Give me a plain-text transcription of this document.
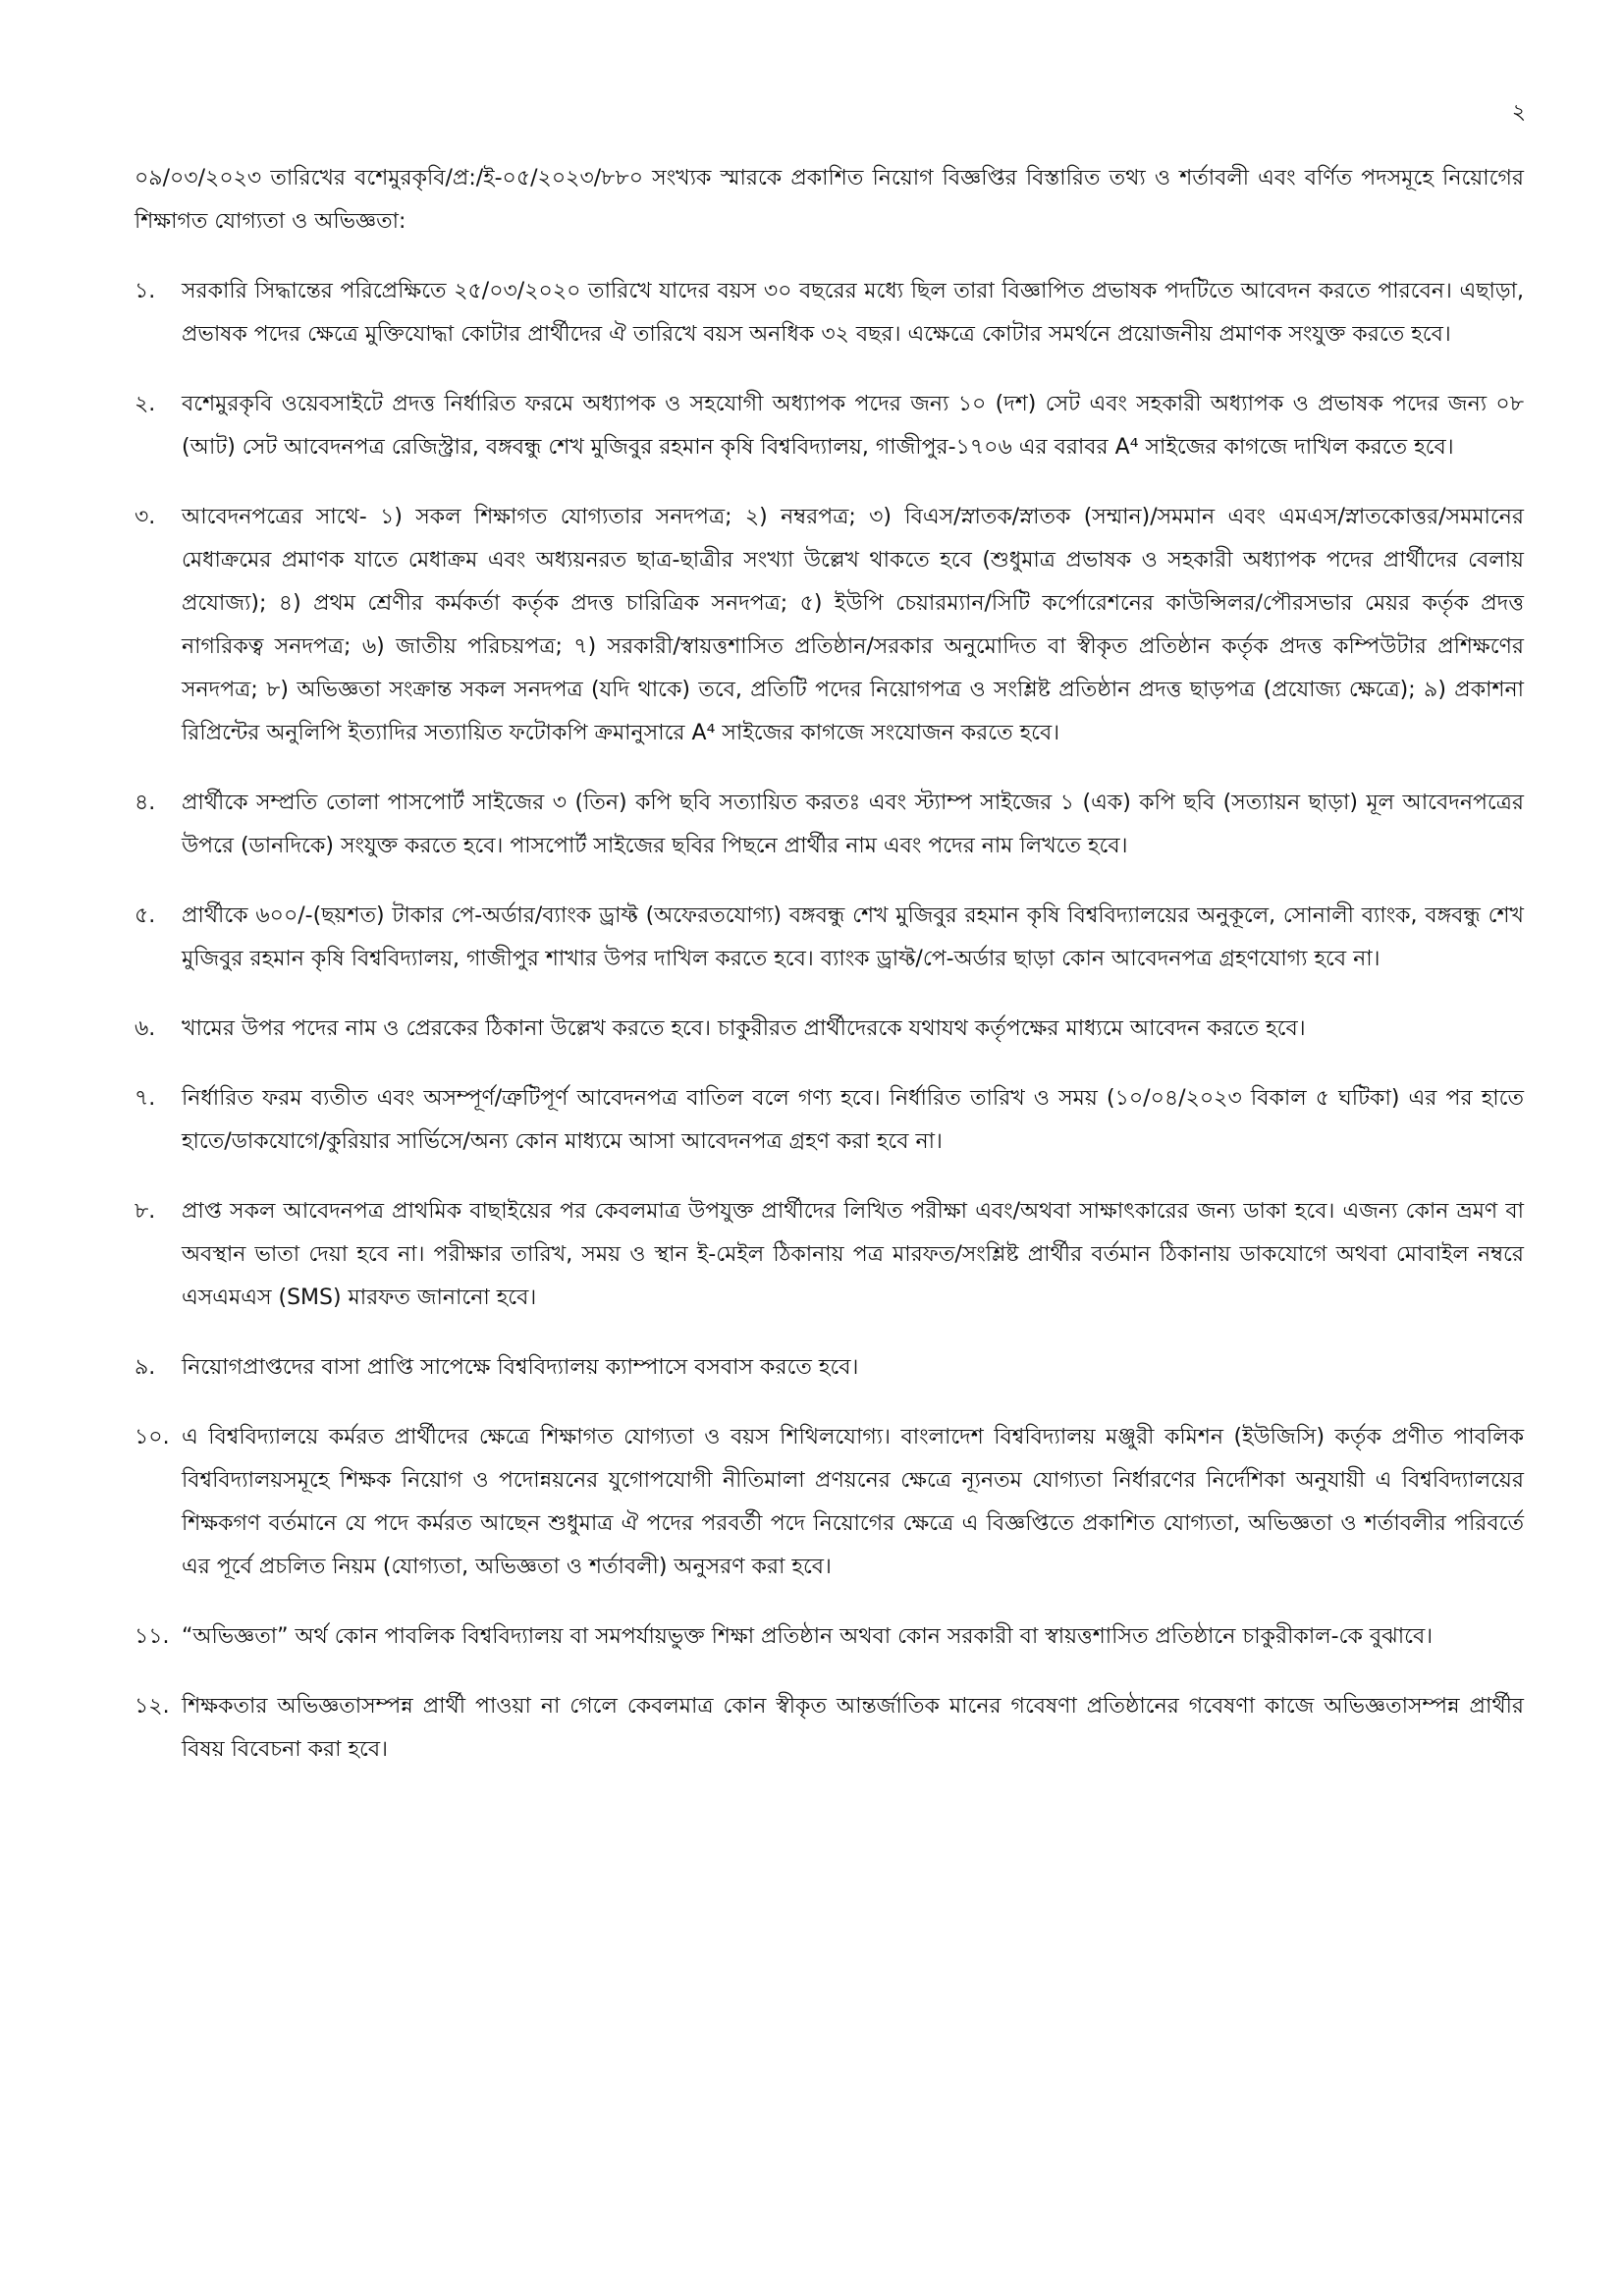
২
০৯/০৩/২০২৩ তারিখের বশেমুরকৃবি/প্র:/ই-০৫/২০২৩/৮৮০ সংখ্যক স্মারকে প্রকাশিত নিয়োগ বিজ্ঞপ্তির বিস্তারিত তথ্য ও শর্তাবলী এবং বর্ণিত পদসমূহে নিয়োগের শিক্ষাগত যোগ্যতা ও অভিজ্ঞতা:
১.	সরকারি সিদ্ধান্তের পরিপ্রেক্ষিতে ২৫/০৩/২০২০ তারিখে যাদের বয়স ৩০ বছরের মধ্যে ছিল তারা বিজ্ঞাপিত প্রভাষক পদটিতে আবেদন করতে পারবেন। এছাড়া, প্রভাষক পদের ক্ষেত্রে মুক্তিযোদ্ধা কোটার প্রার্থীদের ঐ তারিখে বয়স অনধিক ৩২ বছর। এক্ষেত্রে কোটার সমর্থনে প্রয়োজনীয় প্রমাণক সংযুক্ত করতে হবে।
২.	বশেমুরকৃবি ওয়েবসাইটে প্রদত্ত নির্ধারিত ফরমে অধ্যাপক ও সহযোগী অধ্যাপক পদের জন্য ১০ (দশ) সেট এবং সহকারী অধ্যাপক ও প্রভাষক পদের জন্য ০৮ (আট) সেট আবেদনপত্র রেজিস্ট্রার, বঙ্গবন্ধু শেখ মুজিবুর রহমান কৃষি বিশ্ববিদ্যালয়, গাজীপুর-১৭০৬ এর বরাবর A⁴ সাইজের কাগজে দাখিল করতে হবে।
৩.	আবেদনপত্রের সাথে- ১) সকল শিক্ষাগত যোগ্যতার সনদপত্র; ২) নম্বরপত্র; ৩) বিএস/স্নাতক/স্নাতক (সম্মান)/সমমান এবং এমএস/স্নাতকোত্তর/সমমানের মেধাক্রমের প্রমাণক যাতে মেধাক্রম এবং অধ্যয়নরত ছাত্র-ছাত্রীর সংখ্যা উল্লেখ থাকতে হবে (শুধুমাত্র প্রভাষক ও সহকারী অধ্যাপক পদের প্রার্থীদের বেলায় প্রযোজ্য); ৪) প্রথম শ্রেণীর কর্মকর্তা কর্তৃক প্রদত্ত চারিত্রিক সনদপত্র; ৫) ইউপি চেয়ারম্যান/সিটি কর্পোরেশনের কাউন্সিলর/পৌরসভার মেয়র কর্তৃক প্রদত্ত নাগরিকত্ব সনদপত্র; ৬) জাতীয় পরিচয়পত্র; ৭) সরকারী/স্বায়ত্তশাসিত প্রতিষ্ঠান/সরকার অনুমোদিত বা স্বীকৃত প্রতিষ্ঠান কর্তৃক প্রদত্ত কম্পিউটার প্রশিক্ষণের সনদপত্র; ৮) অভিজ্ঞতা সংক্রান্ত সকল সনদপত্র (যদি থাকে) তবে, প্রতিটি পদের নিয়োগপত্র ও সংশ্লিষ্ট প্রতিষ্ঠান প্রদত্ত ছাড়পত্র (প্রযোজ্য ক্ষেত্রে); ৯) প্রকাশনা রিপ্রিন্টের অনুলিপি ইত্যাদির সত্যায়িত ফটোকপি ক্রমানুসারে A⁴ সাইজের কাগজে সংযোজন করতে হবে।
৪.	প্রার্থীকে সম্প্রতি তোলা পাসপোর্ট সাইজের ৩ (তিন) কপি ছবি সত্যায়িত করতঃ এবং স্ট্যাম্প সাইজের ১ (এক) কপি ছবি (সত্যায়ন ছাড়া) মূল আবেদনপত্রের উপরে (ডানদিকে) সংযুক্ত করতে হবে। পাসপোর্ট সাইজের ছবির পিছনে প্রার্থীর নাম এবং পদের নাম লিখতে হবে।
৫.	প্রার্থীকে ৬০০/-(ছয়শত) টাকার পে-অর্ডার/ব্যাংক ড্রাফ্ট (অফেরতযোগ্য) বঙ্গবন্ধু শেখ মুজিবুর রহমান কৃষি বিশ্ববিদ্যালয়ের অনুকূলে, সোনালী ব্যাংক, বঙ্গবন্ধু শেখ মুজিবুর রহমান কৃষি বিশ্ববিদ্যালয়, গাজীপুর শাখার উপর দাখিল করতে হবে। ব্যাংক ড্রাফ্ট/পে-অর্ডার ছাড়া কোন আবেদনপত্র গ্রহণযোগ্য হবে না।
৬.	খামের উপর পদের নাম ও প্রেরকের ঠিকানা উল্লেখ করতে হবে। চাকুরীরত প্রার্থীদেরকে যথাযথ কর্তৃপক্ষের মাধ্যমে আবেদন করতে হবে।
৭.	নির্ধারিত ফরম ব্যতীত এবং অসম্পূর্ণ/ত্রুটিপূর্ণ আবেদনপত্র বাতিল বলে গণ্য হবে। নির্ধারিত তারিখ ও সময় (১০/০৪/২০২৩ বিকাল ৫ ঘটিকা) এর পর হাতে হাতে/ডাকযোগে/কুরিয়ার সার্ভিসে/অন্য কোন মাধ্যমে আসা আবেদনপত্র গ্রহণ করা হবে না।
৮.	প্রাপ্ত সকল আবেদনপত্র প্রাথমিক বাছাইয়ের পর কেবলমাত্র উপযুক্ত প্রার্থীদের লিখিত পরীক্ষা এবং/অথবা সাক্ষাৎকারের জন্য ডাকা হবে। এজন্য কোন ভ্রমণ বা অবস্থান ভাতা দেয়া হবে না। পরীক্ষার তারিখ, সময় ও স্থান ই-মেইল ঠিকানায় পত্র মারফত/সংশ্লিষ্ট প্রার্থীর বর্তমান ঠিকানায় ডাকযোগে অথবা মোবাইল নম্বরে এসএমএস (SMS) মারফত জানানো হবে।
৯.	নিয়োগপ্রাপ্তদের বাসা প্রাপ্তি সাপেক্ষে বিশ্ববিদ্যালয় ক্যাম্পাসে বসবাস করতে হবে।
১০. এ বিশ্ববিদ্যালয়ে কর্মরত প্রার্থীদের ক্ষেত্রে শিক্ষাগত যোগ্যতা ও বয়স শিথিলযোগ্য। বাংলাদেশ বিশ্ববিদ্যালয় মঞ্জুরী কমিশন (ইউজিসি) কর্তৃক প্রণীত পাবলিক বিশ্ববিদ্যালয়সমূহে শিক্ষক নিয়োগ ও পদোন্নয়নের যুগোপযোগী নীতিমালা প্রণয়নের ক্ষেত্রে ন্যূনতম যোগ্যতা নির্ধারণের নির্দেশিকা অনুযায়ী এ বিশ্ববিদ্যালয়ের শিক্ষকগণ বর্তমানে যে পদে কর্মরত আছেন শুধুমাত্র ঐ পদের পরবর্তী পদে নিয়োগের ক্ষেত্রে এ বিজ্ঞপ্তিতে প্রকাশিত যোগ্যতা, অভিজ্ঞতা ও শর্তাবলীর পরিবর্তে এর পূর্বে প্রচলিত নিয়ম (যোগ্যতা, অভিজ্ঞতা ও শর্তাবলী) অনুসরণ করা হবে।
১১. “অভিজ্ঞতা” অর্থ কোন পাবলিক বিশ্ববিদ্যালয় বা সমপর্যায়ভুক্ত শিক্ষা প্রতিষ্ঠান অথবা কোন সরকারী বা স্বায়ত্তশাসিত প্রতিষ্ঠানে চাকুরীকাল-কে বুঝাবে।
১২. শিক্ষকতার অভিজ্ঞতাসম্পন্ন প্রার্থী পাওয়া না গেলে কেবলমাত্র কোন স্বীকৃত আন্তর্জাতিক মানের গবেষণা প্রতিষ্ঠানের গবেষণা কাজে অভিজ্ঞতাসম্পন্ন প্রার্থীর বিষয় বিবেচনা করা হবে।
